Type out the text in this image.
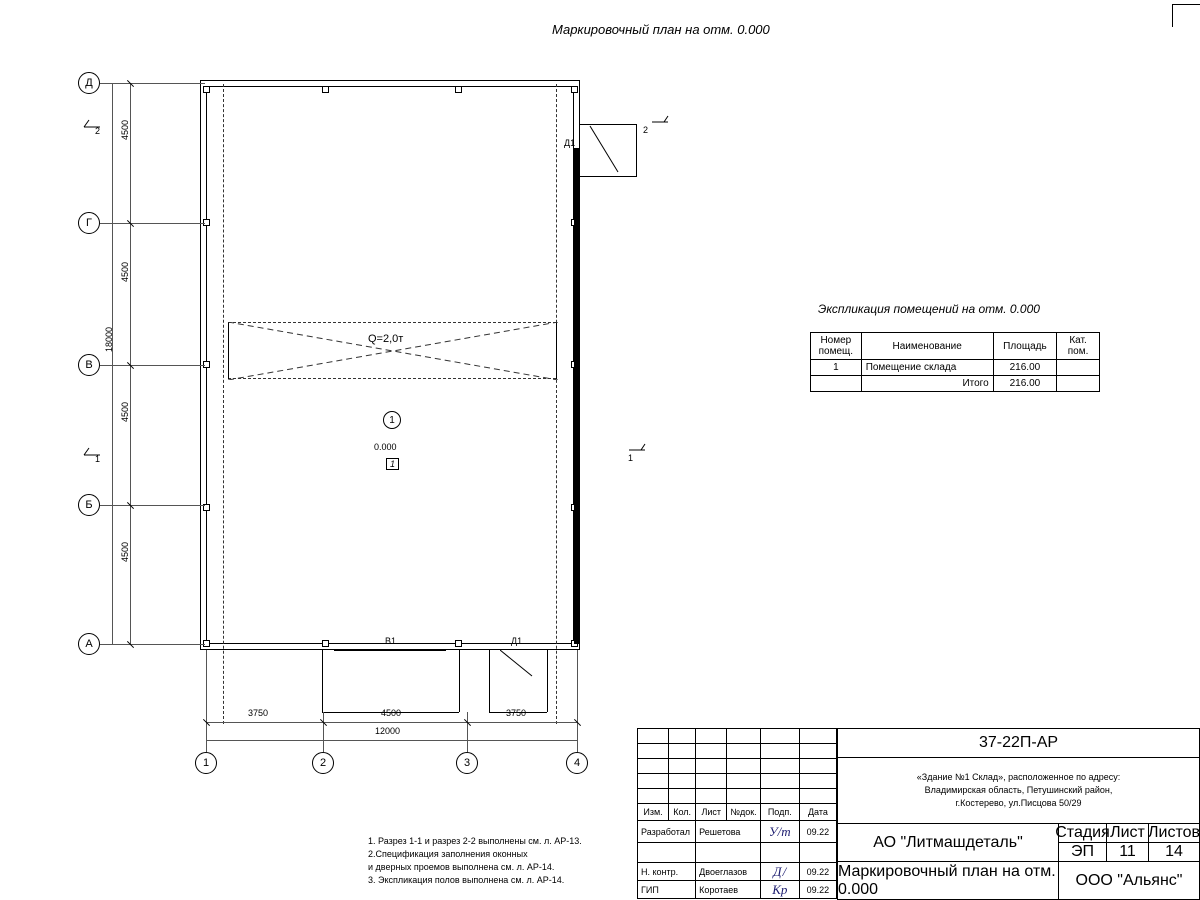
Маркировочный план на отм. 0.000
Q=2,0т
1
0.000
1
Д1
В1	Д1
Д
Г
В
Б
А
4500
4500
4500
4500
18000
1	2	3	4
3750	4500	3750
12000
2
1
2
1
Экспликация помещений на отм. 0.000
Номер помещ.	Наименование	Площадь	Кат. пом.
1	Помещение склада	216.00	
	Итого	216.00	
1. Разрез 1-1 и разрез 2-2 выполнены см. л. АР-13.
2.Спецификация заполнения оконных
и дверных проемов выполнена см. л. АР-14.
3. Экспликация полов выполнена см. л. АР-14.

Изм.	Кол.	Лист	№док.	Подп.	Дата
Разработал		Решетова		У/т	09.22

Н. контр.		Двоеглазов		Д /	09.22
ГИП		Коротаев		Кр	09.22
37-22П-АР
«Здание №1 Склад», расположенное по адресу:
Владимирская область, Петушинский район,
г.Костерево, ул.Писцова 50/29
АО "Литмашдеталь"
Маркировочный план на отм. 0.000
Стадия Лист Листов
ЭП 11 14
ООО "Альянс"
